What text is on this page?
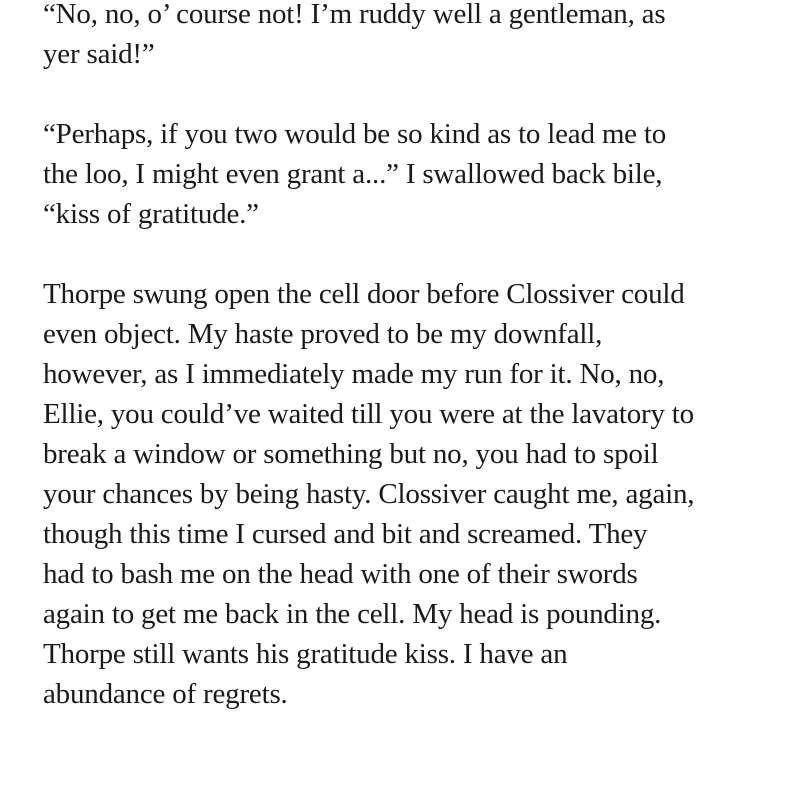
“No, no, o’ course not! I’m ruddy well a gentleman, as
yer said!”

“Perhaps, if you two would be so kind as to lead me to
the loo, I might even grant a...” I swallowed back bile,
“kiss of gratitude.”

Thorpe swung open the cell door before Clossiver could
even object. My haste proved to be my downfall,
however, as I immediately made my run for it. No, no,
Ellie, you could’ve waited till you were at the lavatory to
break a window or something but no, you had to spoil
your chances by being hasty. Clossiver caught me, again,
though this time I cursed and bit and screamed. They
had to bash me on the head with one of their swords
again to get me back in the cell. My head is pounding.
Thorpe still wants his gratitude kiss. I have an
abundance of regrets.
